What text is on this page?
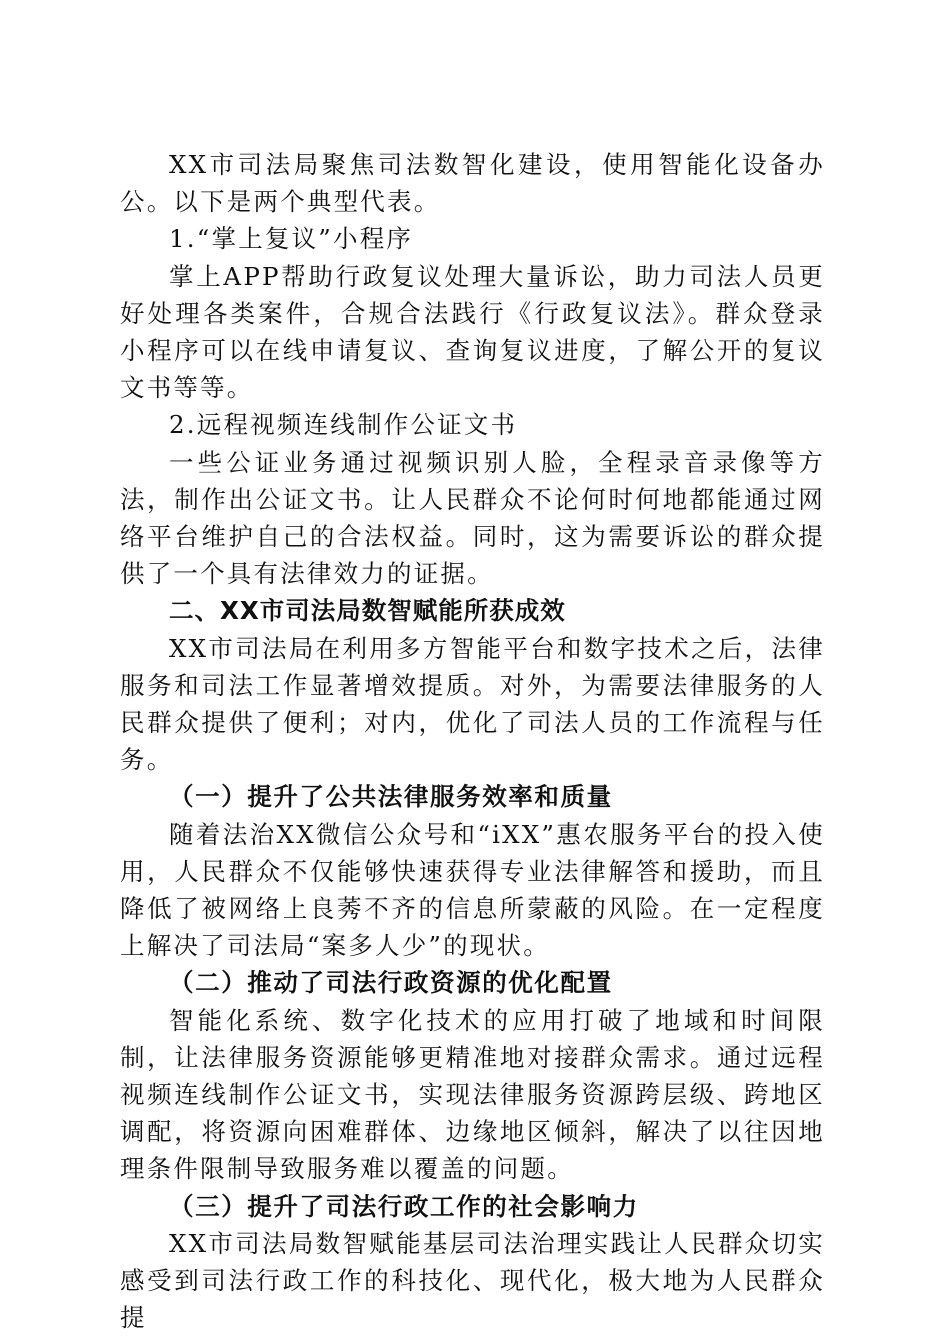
XX市司法局聚焦司法数智化建设，使用智能化设备办公。以下是两个典型代表。

1.“掌上复议”小程序

掌上APP帮助行政复议处理大量诉讼，助力司法人员更好处理各类案件，合规合法践行《行政复议法》。群众登录小程序可以在线申请复议、查询复议进度，了解公开的复议文书等等。

2.远程视频连线制作公证文书

一些公证业务通过视频识别人脸，全程录音录像等方法，制作出公证文书。让人民群众不论何时何地都能通过网络平台维护自己的合法权益。同时，这为需要诉讼的群众提供了一个具有法律效力的证据。

二、XX市司法局数智赋能所获成效

XX市司法局在利用多方智能平台和数字技术之后，法律服务和司法工作显著增效提质。对外，为需要法律服务的人民群众提供了便利；对内，优化了司法人员的工作流程与任务。

（一）提升了公共法律服务效率和质量

随着法治XX微信公众号和“iXX”惠农服务平台的投入使用，人民群众不仅能够快速获得专业法律解答和援助，而且降低了被网络上良莠不齐的信息所蒙蔽的风险。在一定程度上解决了司法局“案多人少”的现状。

（二）推动了司法行政资源的优化配置

智能化系统、数字化技术的应用打破了地域和时间限制，让法律服务资源能够更精准地对接群众需求。通过远程视频连线制作公证文书，实现法律服务资源跨层级、跨地区调配，将资源向困难群体、边缘地区倾斜，解决了以往因地理条件限制导致服务难以覆盖的问题。

（三）提升了司法行政工作的社会影响力

XX市司法局数智赋能基层司法治理实践让人民群众切实感受到司法行政工作的科技化、现代化，极大地为人民群众提
